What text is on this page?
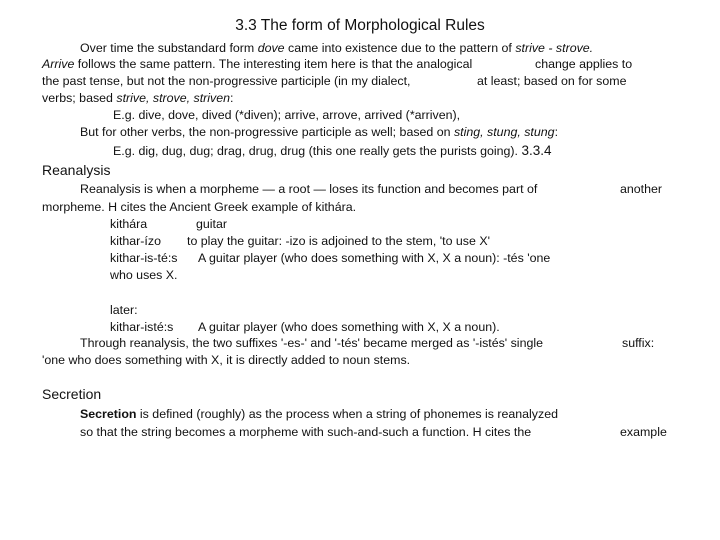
3.3 The form of Morphological Rules
Over time the substandard form dove came into existence due to the pattern of strive - strove.
Arrive follows the same pattern. The interesting item here is that the analogical	change applies to
the past tense, but not the non-progressive participle (in my dialect,	at least; based on for some
verbs; based strive, strove, striven:
E.g. dive, dove, dived (*diven); arrive, arrove, arrived (*arriven),
But for other verbs, the non-progressive participle as well; based on sting, stung, stung:
E.g. dig, dug, dug; drag, drug, drug (this one really gets the purists going). 3.3.4
Reanalysis
Reanalysis is when a morpheme — a root — loses its function and becomes part of	another
morpheme. H cites the Ancient Greek example of kithára.
kithára	guitar
kithar-ízo to play the guitar: -izo is adjoined to the stem, 'to use X'
kithar-is-té:s A guitar player (who does something with X, X a noun): -tés 'one
who uses X.
later:
kithar-isté:s A guitar player (who does something with X, X a noun).
Through reanalysis, the two suffixes '-es-' and '-tés' became merged as '-istés' single	suffix:
'one who does something with X, it is directly added to noun stems.
Secretion
Secretion is defined (roughly) as the process when a string of phonemes is reanalyzed
so that the string becomes a morpheme with such-and-such a function. H cites the	example
